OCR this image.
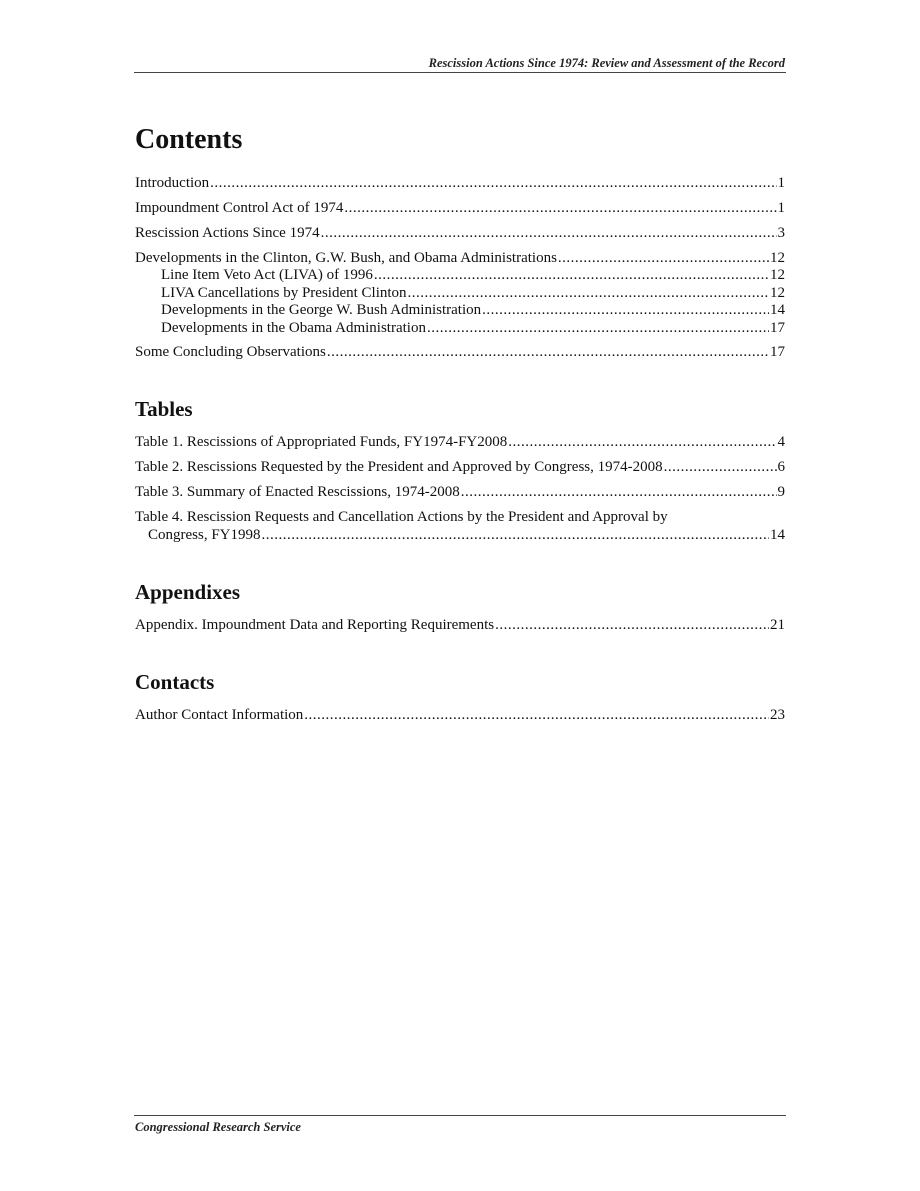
Rescission Actions Since 1974: Review and Assessment of the Record
Contents
Introduction .....	1
Impoundment Control Act of 1974 .....	1
Rescission Actions Since 1974 .....	3
Developments in the Clinton, G.W. Bush, and Obama Administrations .....	12
Line Item Veto Act (LIVA) of 1996 .....	12
LIVA Cancellations by President Clinton .....	12
Developments in the George W. Bush Administration .....	14
Developments in the Obama Administration .....	17
Some Concluding Observations .....	17
Tables
Table 1. Rescissions of Appropriated Funds, FY1974-FY2008 .....	4
Table 2. Rescissions Requested by the President and Approved by Congress, 1974-2008 .....	6
Table 3. Summary of Enacted Rescissions, 1974-2008 .....	9
Table 4. Rescission Requests and Cancellation Actions by the President and Approval by
Congress, FY1998 .....	14
Appendixes
Appendix. Impoundment Data and Reporting Requirements .....	21
Contacts
Author Contact Information .....	23
Congressional Research Service
